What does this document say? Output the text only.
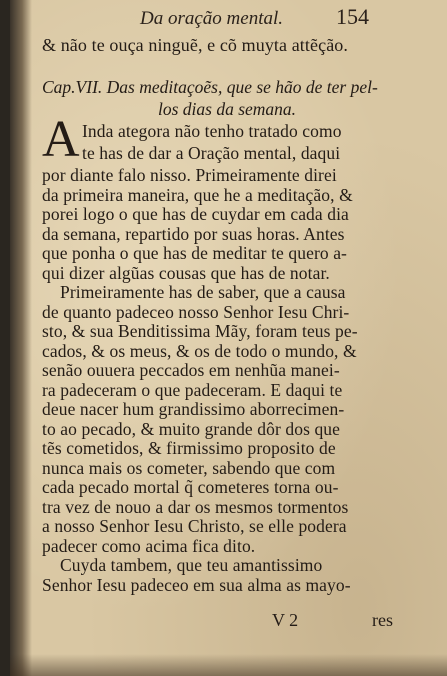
Da oração mental. 154
& não te ouça ninguẽ, e cõ muyta attẽção.
Cap.VII. Das meditaçoẽs, que se hão de ter pel-
los dias da semana.
A Inda ategora não tenho tratado como
te has de dar a Oração mental, daqui
por diante falo nisso. Primeiramente direi
da primeira maneira, que he a meditação, &
porei logo o que has de cuydar em cada dia
da semana, repartido por suas horas. Antes
que ponha o que has de meditar te quero a-
qui dizer algũas cousas que has de notar.
Primeiramente has de saber, que a causa
de quanto padeceo nosso Senhor Iesu Chri-
sto, & sua Benditissima Mãy, foram teus pe-
cados, & os meus, & os de todo o mundo, &
senão ouuera peccados em nenhũa manei-
ra padeceram o que padeceram. E daqui te
deue nacer hum grandissimo aborrecimen-
to ao pecado, & muito grande dôr dos que
tẽs cometidos, & firmissimo proposito de
nunca mais os cometer, sabendo que com
cada pecado mortal q̃ cometeres torna ou-
tra vez de nouo a dar os mesmos tormentos
a nosso Senhor Iesu Christo, se elle podera
padecer como acima fica dito.
Cuyda tambem, que teu amantissimo
Senhor Iesu padeceo em sua alma as mayo-
V 2	res
